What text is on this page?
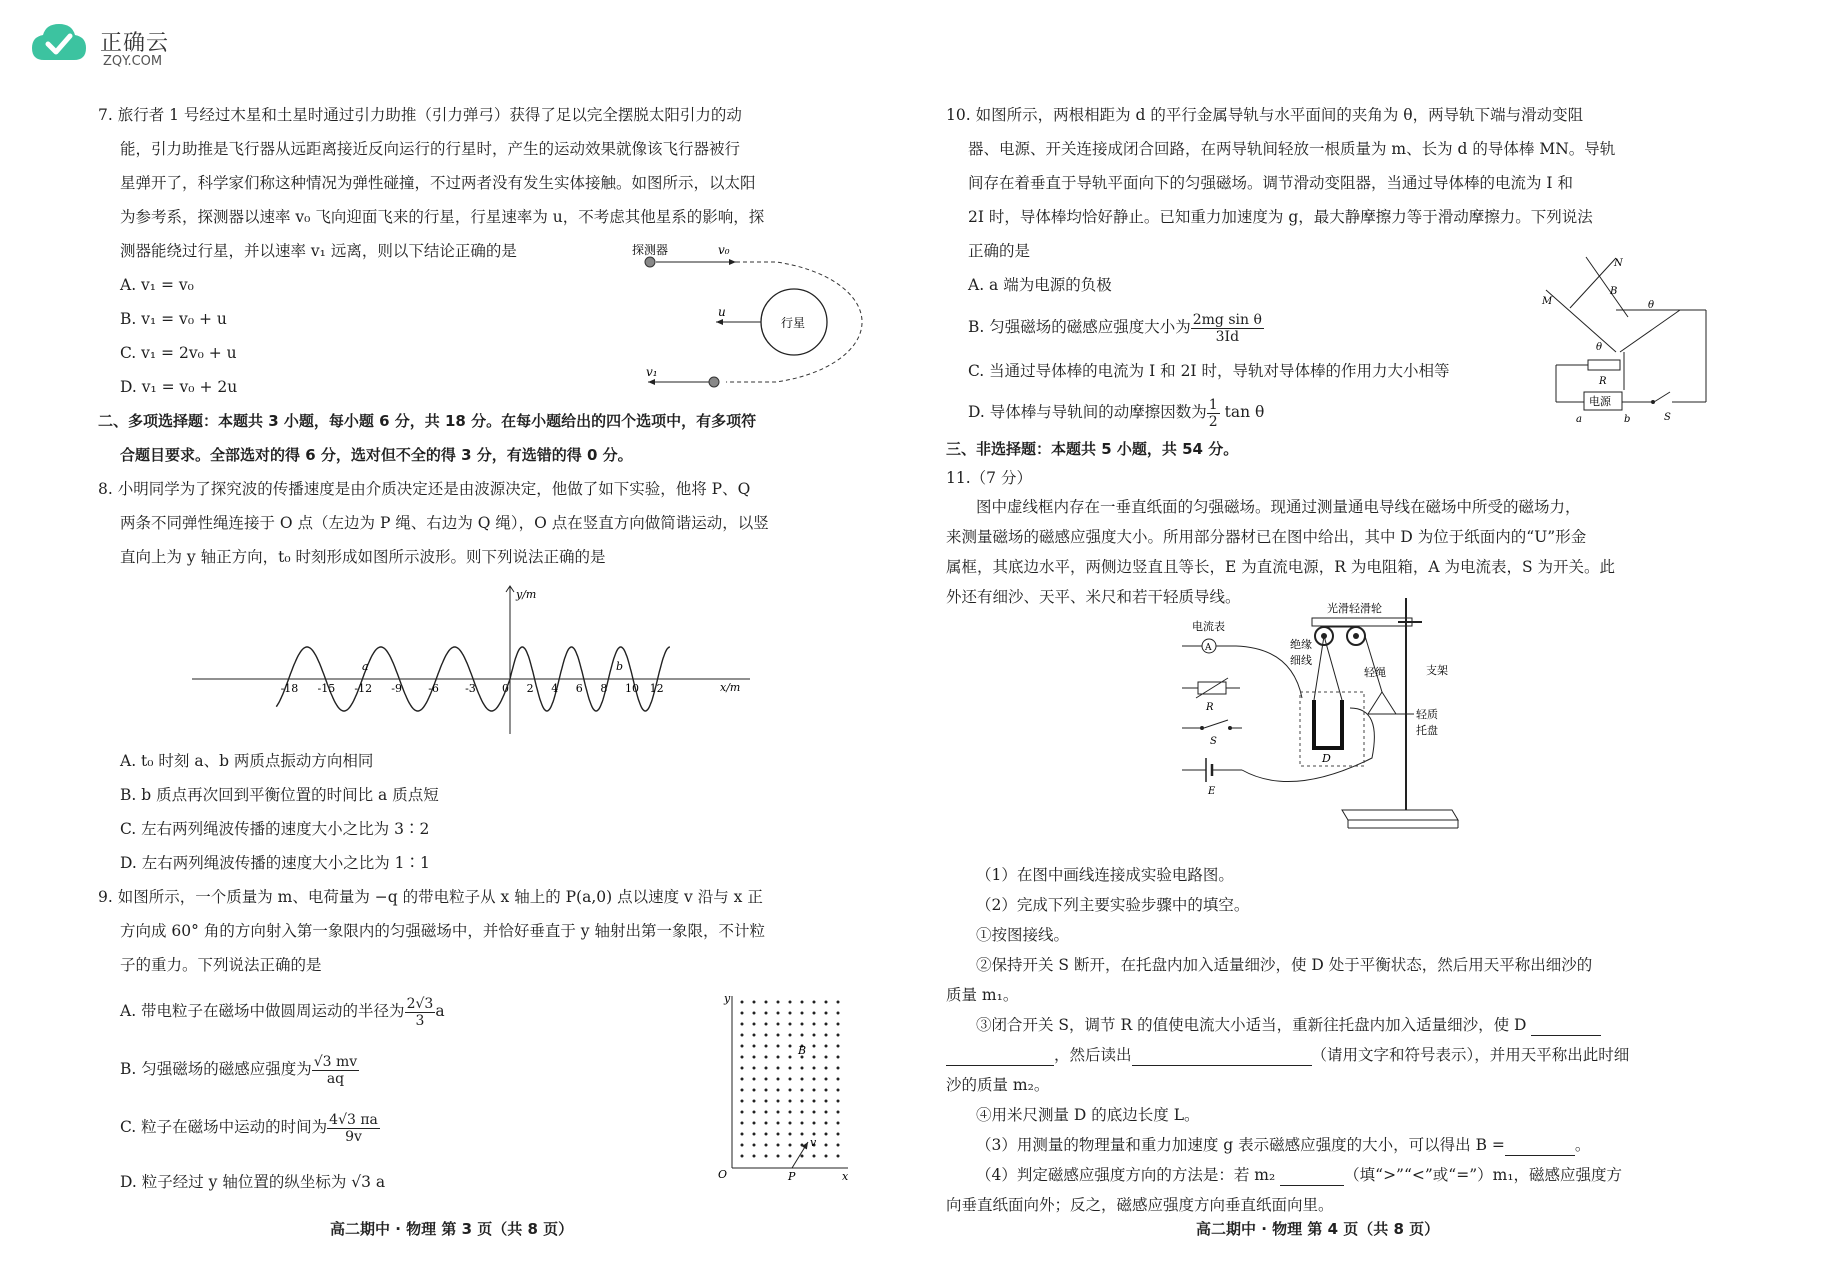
正确云
ZQY.COM
7. 旅行者 1 号经过木星和土星时通过引力助推（引力弹弓）获得了足以完全摆脱太阳引力的动
能，引力助推是飞行器从远距离接近反向运行的行星时，产生的运动效果就像该飞行器被行
星弹开了，科学家们称这种情况为弹性碰撞，不过两者没有发生实体接触。如图所示，以太阳
为参考系，探测器以速率 v₀ 飞向迎面飞来的行星，行星速率为 u，不考虑其他星系的影响，探
测器能绕过行星，并以速率 v₁ 远离，则以下结论正确的是
A. v₁ = v₀
B. v₁ = v₀ + u
C. v₁ = 2v₀ + u
D. v₁ = v₀ + 2u
二、多项选择题：本题共 3 小题，每小题 6 分，共 18 分。在每小题给出的四个选项中，有多项符
合题目要求。全部选对的得 6 分，选对但不全的得 3 分，有选错的得 0 分。
8. 小明同学为了探究波的传播速度是由介质决定还是由波源决定，他做了如下实验，他将 P、Q
两条不同弹性绳连接于 O 点（左边为 P 绳、右边为 Q 绳），O 点在竖直方向做简谐运动，以竖
直向上为 y 轴正方向，t₀ 时刻形成如图所示波形。则下列说法正确的是
A. t₀ 时刻 a、b 两质点振动方向相同
B. b 质点再次回到平衡位置的时间比 a 质点短
C. 左右两列绳波传播的速度大小之比为 3∶2
D. 左右两列绳波传播的速度大小之比为 1∶1
9. 如图所示，一个质量为 m、电荷量为 −q 的带电粒子从 x 轴上的 P(a,0) 点以速度 v 沿与 x 正
方向成 60° 角的方向射入第一象限内的匀强磁场中，并恰好垂直于 y 轴射出第一象限，不计粒
子的重力。下列说法正确的是
A. 带电粒子在磁场中做圆周运动的半径为 $\frac{2√3}{3}$ a
B. 匀强磁场的磁感应强度为 $\frac{√3 mv}{aq}$
C. 粒子在磁场中运动的时间为 $\frac{4√3 \pi a}{9v}$
D. 粒子经过 y 轴位置的纵坐标为 √3 a
探测器	v₀
行星
u
v₁
y/m
x/m
0
-18 -15 -12 -9 -6 -3	2 4 6 8 10 12
a	b
y
O	P	x
B
v
10. 如图所示，两根相距为 d 的平行金属导轨与水平面间的夹角为 θ，两导轨下端与滑动变阻
器、电源、开关连接成闭合回路，在两导轨间轻放一根质量为 m、长为 d 的导体棒 MN。导轨
间存在着垂直于导轨平面向下的匀强磁场。调节滑动变阻器，当通过导体棒的电流为 I 和
2I 时，导体棒均恰好静止。已知重力加速度为 g，最大静摩擦力等于滑动摩擦力。下列说法
正确的是
A. a 端为电源的负极
B. 匀强磁场的磁感应强度大小为 $\frac{\text{2mg sin θ}}{3Id}$
C. 当通过导体棒的电流为 I 和 2I 时，导轨对导体棒的作用力大小相等
D. 导体棒与导轨间的动摩擦因数为 $\frac{1}{2}$ tan θ
三、非选择题：本题共 5 小题，共 54 分。
11.（7 分）
图中虚线框内存在一垂直纸面的匀强磁场。现通过测量通电导线在磁场中所受的磁场力，
来测量磁场的磁感应强度大小。所用部分器材已在图中给出，其中 D 为位于纸面内的“U”形金
属框，其底边水平，两侧边竖直且等长，E 为直流电源，R 为电阻箱，A 为电流表，S 为开关。此
外还有细沙、天平、米尺和若干轻质导线。
（1）在图中画线连接成实验电路图。
（2）完成下列主要实验步骤中的填空。
①按图接线。
②保持开关 S 断开，在托盘内加入适量细沙，使 D 处于平衡状态，然后用天平称出细沙的
质量 m₁。
③闭合开关 S，调节 R 的值使电流大小适当，重新往托盘内加入适量细沙，使 D
，然后读出	（请用文字和符号表示），并用天平称出此时细
沙的质量 m₂。
④用米尺测量 D 的底边长度 L。
（3）用测量的物理量和重力加速度 g 表示磁感应强度的大小，可以得出 B =	。
（4）判定磁感应强度方向的方法是：若 m₂	（填“>”“<”或“=”）m₁，磁感应强度方
向垂直纸面向外；反之，磁感应强度方向垂直纸面向里。
N
M
B
θ
θ
R
电源
a	b	S
电流表
A
R
S
E
D
绝缘
细线
光滑轻滑轮
轻绳
轻质
托盘
支架
高二期中 · 物理 第 3 页（共 8 页）	高二期中 · 物理 第 4 页（共 8 页）
